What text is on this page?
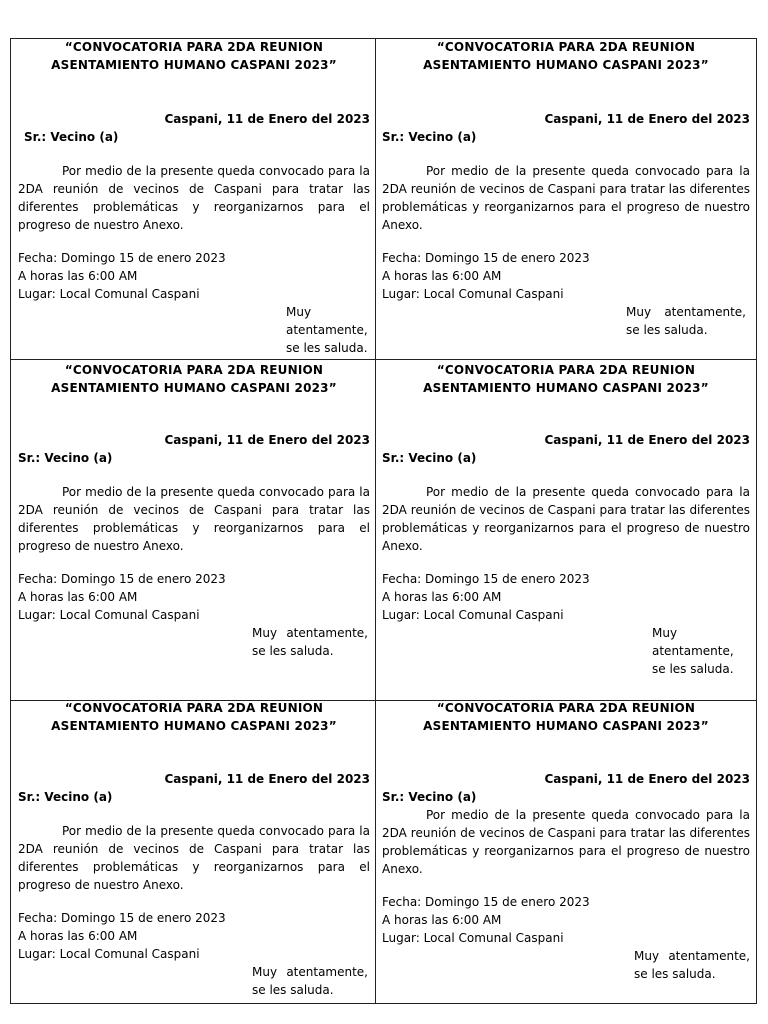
“CONVOCATORIA PARA 2DA REUNION
ASENTAMIENTO HUMANO CASPANI 2023”

Caspani, 11 de Enero del 2023

Sr.: Vecino (a)

Por medio de la presente queda convocado para la 2DA reunión de vecinos de Caspani para tratar las diferentes problemáticas y reorganizarnos para el progreso de nuestro Anexo.

Fecha: Domingo 15 de enero 2023
A horas las 6:00 AM
Lugar: Local Comunal Caspani

Muy atentamente, se les saluda.

“CONVOCATORIA PARA 2DA REUNION
ASENTAMIENTO HUMANO CASPANI 2023”

Caspani, 11 de Enero del 2023

Sr.: Vecino (a)

Por medio de la presente queda convocado para la 2DA reunión de vecinos de Caspani para tratar las diferentes problemáticas y reorganizarnos para el progreso de nuestro Anexo.

Fecha: Domingo 15 de enero 2023
A horas las 6:00 AM
Lugar: Local Comunal Caspani

Muy atentamente, se les saluda.

“CONVOCATORIA PARA 2DA REUNION
ASENTAMIENTO HUMANO CASPANI 2023”

Caspani, 11 de Enero del 2023

Sr.: Vecino (a)

Por medio de la presente queda convocado para la 2DA reunión de vecinos de Caspani para tratar las diferentes problemáticas y reorganizarnos para el progreso de nuestro Anexo.

Fecha: Domingo 15 de enero 2023
A horas las 6:00 AM
Lugar: Local Comunal Caspani

Muy atentamente, se les saluda.

“CONVOCATORIA PARA 2DA REUNION
ASENTAMIENTO HUMANO CASPANI 2023”

Caspani, 11 de Enero del 2023

Sr.: Vecino (a)

Por medio de la presente queda convocado para la 2DA reunión de vecinos de Caspani para tratar las diferentes problemáticas y reorganizarnos para el progreso de nuestro Anexo.

Fecha: Domingo 15 de enero 2023
A horas las 6:00 AM
Lugar: Local Comunal Caspani

Muy atentamente, se les saluda.

“CONVOCATORIA PARA 2DA REUNION
ASENTAMIENTO HUMANO CASPANI 2023”

Caspani, 11 de Enero del 2023

Sr.: Vecino (a)

Por medio de la presente queda convocado para la 2DA reunión de vecinos de Caspani para tratar las diferentes problemáticas y reorganizarnos para el progreso de nuestro Anexo.

Fecha: Domingo 15 de enero 2023
A horas las 6:00 AM
Lugar: Local Comunal Caspani

Muy atentamente, se les saluda.

“CONVOCATORIA PARA 2DA REUNION
ASENTAMIENTO HUMANO CASPANI 2023”

Caspani, 11 de Enero del 2023

Sr.: Vecino (a)

Por medio de la presente queda convocado para la 2DA reunión de vecinos de Caspani para tratar las diferentes problemáticas y reorganizarnos para el progreso de nuestro Anexo.

Fecha: Domingo 15 de enero 2023
A horas las 6:00 AM
Lugar: Local Comunal Caspani

Muy atentamente, se les saluda.
